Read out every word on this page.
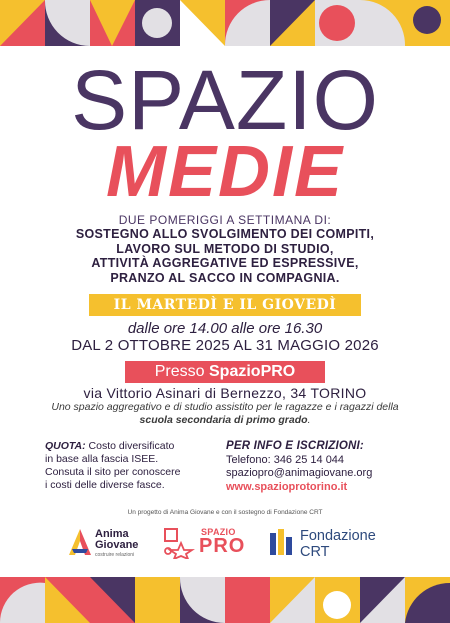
SPAZIO
MEDIE
DUE POMERIGGI A SETTIMANA DI:
SOSTEGNO ALLO SVOLGIMENTO DEI COMPITI,
LAVORO SUL METODO DI STUDIO,
ATTIVITÀ AGGREGATIVE ED ESPRESSIVE,
PRANZO AL SACCO IN COMPAGNIA.
IL MARTEDÌ E IL GIOVEDÌ
dalle ore 14.00 alle ore 16.30
DAL 2 OTTOBRE 2025 AL 31 MAGGIO 2026
Presso SpazioPRO
via Vittorio Asinari di Bernezzo, 34 TORINO
Uno spazio aggregativo e di studio assistito per le ragazze e i ragazzi della scuola secondaria di primo grado.
QUOTA: Costo diversificato
in base alla fascia ISEE.
Consuta il sito per conoscere
i costi delle diverse fasce.
PER INFO E ISCRIZIONI:
Telefono: 346 25 14 044
spaziopro@animagiovane.org
www.spazioprotorino.it
Un progetto di Anima Giovane e con il sostegno di Fondazione CRT
Anima
Giovane
costruire relazioni
SPAZIO
PRO	Fondazione
CRT
